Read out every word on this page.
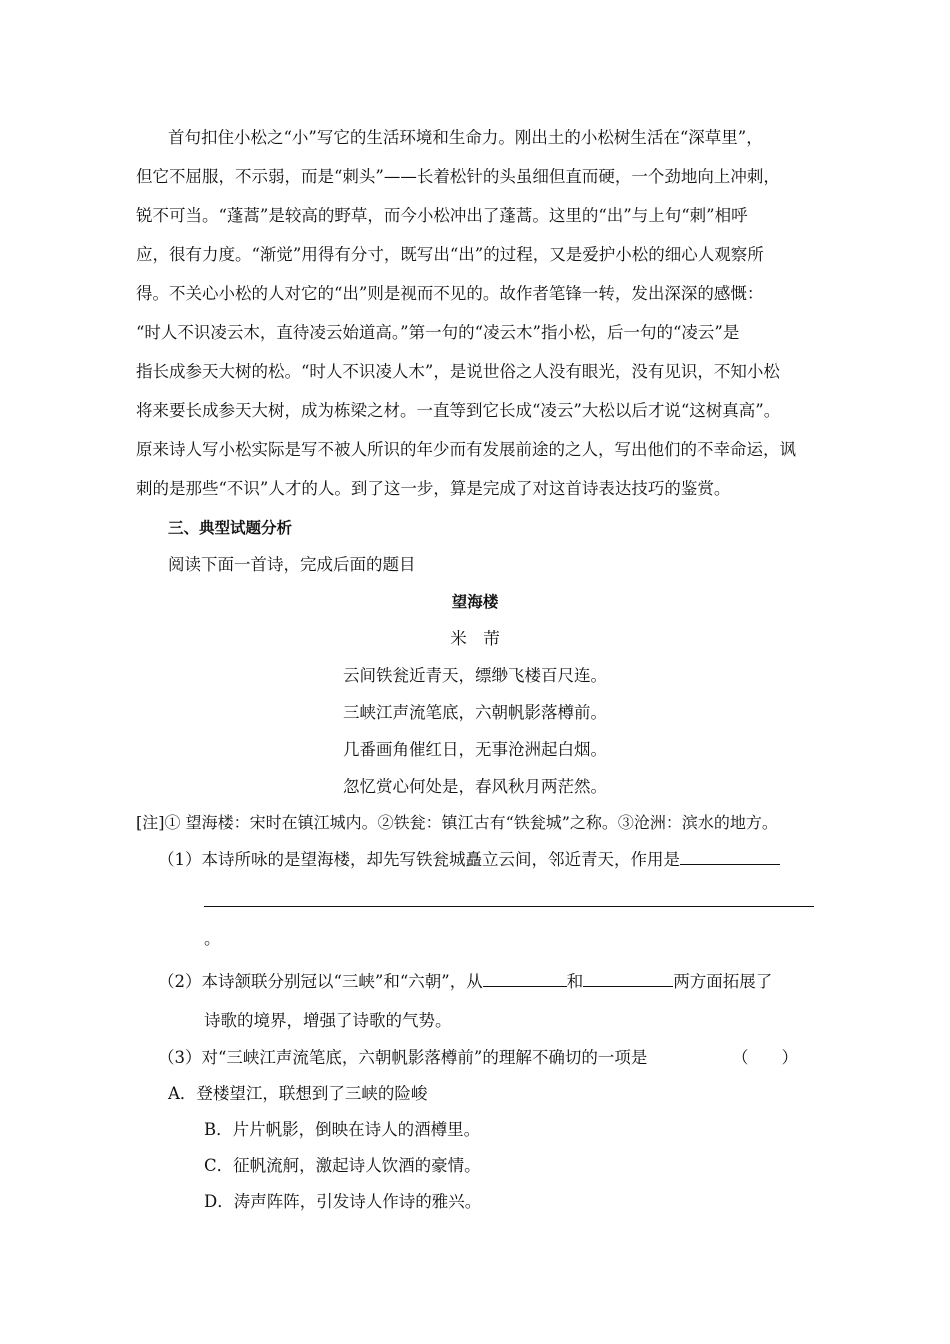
首句扣住小松之“小”写它的生活环境和生命力。刚出土的小松树生活在“深草里”，
但它不屈服，不示弱，而是“刺头”——长着松针的头虽细但直而硬，一个劲地向上冲刺，
锐不可当。“蓬蒿”是较高的野草，而今小松冲出了蓬蒿。这里的“出”与上句“刺”相呼
应，很有力度。“渐觉”用得有分寸，既写出“出”的过程，又是爱护小松的细心人观察所
得。不关心小松的人对它的“出”则是视而不见的。故作者笔锋一转，发出深深的感慨：
“时人不识凌云木，直待凌云始道高。”第一句的“凌云木”指小松，后一句的“凌云”是
指长成参天大树的松。“时人不识凌人木”，是说世俗之人没有眼光，没有见识，不知小松
将来要长成参天大树，成为栋梁之材。一直等到它长成“凌云”大松以后才说“这树真高”。
原来诗人写小松实际是写不被人所识的年少而有发展前途的之人，写出他们的不幸命运，讽
刺的是那些“不识”人才的人。到了这一步，算是完成了对这首诗表达技巧的鉴赏。
三、典型试题分析
阅读下面一首诗，完成后面的题目
望海楼
米　芾
云间铁瓮近青天，缥缈飞楼百尺连。
三峡江声流笔底，六朝帆影落樽前。
几番画角催红日，无事沧洲起白烟。
忽忆赏心何处是，春风秋月两茫然。
[注]① 望海楼：宋时在镇江城内。②铁瓮：镇江古有“铁瓮城”之称。③沧洲：滨水的地方。
（1）本诗所咏的是望海楼，却先写铁瓮城矗立云间，邻近青天，作用是
。
（2）本诗颔联分别冠以“三峡”和“六朝”，从	和	两方面拓展了
诗歌的境界，增强了诗歌的气势。
（3）对“三峡江声流笔底，六朝帆影落樽前”的理解不确切的一项是	（　　）
A．登楼望江，联想到了三峡的险峻
B．片片帆影，倒映在诗人的酒樽里。
C．征帆流舸，激起诗人饮酒的豪情。
D．涛声阵阵，引发诗人作诗的雅兴。
